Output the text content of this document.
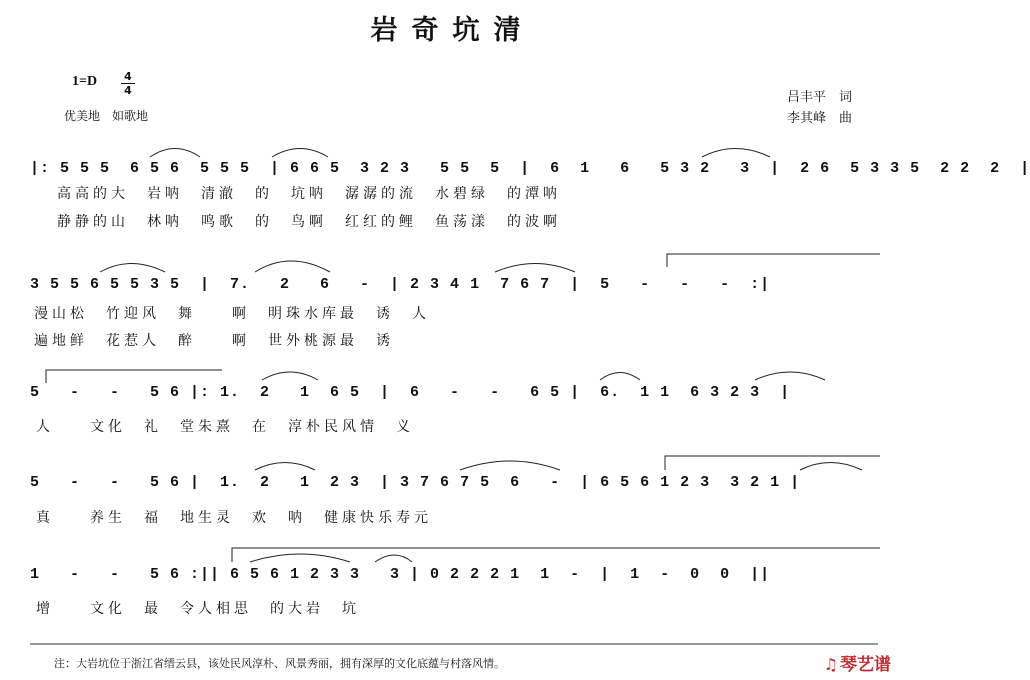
岩奇坑清
$1=D \frac{4}{4}$
优美地　如歌地
吕丰平　词
李其峰　曲
|: 5 5 5  6 5 6  5 5 5  | 6 6 5  3 2 3   5 5  5  |  6  1   6   5 3 2   3  |  2 6  5 3 3 5  2 2  2  |
高高的大　岩呐　清澈　的　坑呐　潺潺的流　水碧绿　的潭呐
静静的山　林呐　鸣歌　的　鸟啊　红红的鲤　鱼荡漾　的波啊
3 5 5 6 5 5 3 5  |  7.   2   6   -  | 2 3 4 1  7 6 7  |  5   -   -   -  :|
漫山松　竹迎风　舞　　啊　明珠水库最　诱　人
遍地鲜　花惹人　醉　　啊　世外桃源最　诱
5   -   -   5 6 |: 1.  2   1  6 5  |  6   -   -   6 5 |  6.  1 1  6 3 2 3  |
人　　文化　礼　堂朱熹　在　淳朴民风情　义
5   -   -   5 6 |  1.  2   1  2 3  | 3 7 6 7 5  6   -  | 6 5 6 1 2 3  3 2 1 |
真　　养生　福　地生灵　欢　呐　健康快乐寿元
1   -   -   5 6 :|| 6 5 6 1 2 3 3   3 | 0 2 2 2 1  1  -  |  1  -  0  0  ||
增　　文化　最　令人相思　的大岩　坑
注：大岩坑位于浙江省缙云县，该处民风淳朴、风景秀丽，拥有深厚的文化底蕴与村落风情。	♫ 琴艺谱
